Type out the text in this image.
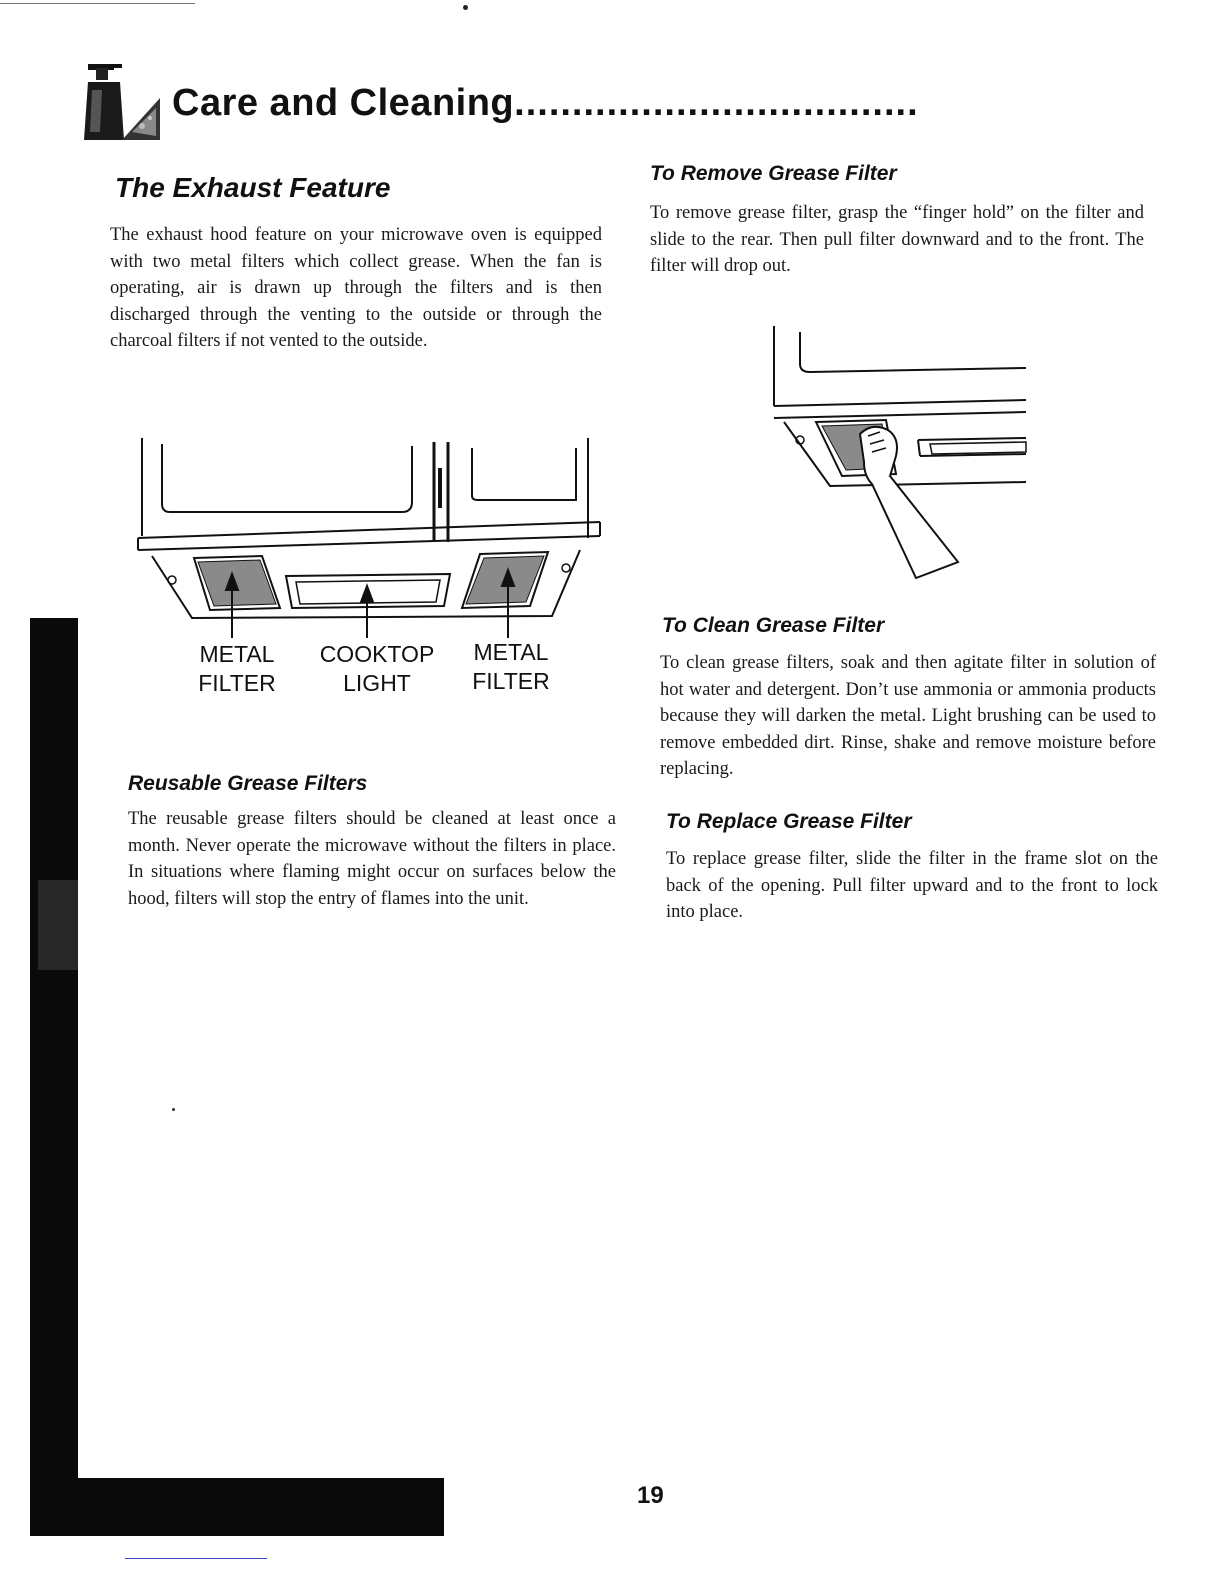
Care and Cleaning...................................
The Exhaust Feature

The exhaust hood feature on your microwave oven is equipped with two metal filters which collect grease. When the fan is operating, air is drawn up through the filters and is then discharged through the venting to the outside or through the charcoal filters if not vented to the outside.

METAL
FILTER
COOKTOP
LIGHT
METAL
FILTER
Reusable Grease Filters

The reusable grease filters should be cleaned at least once a month. Never operate the microwave without the filters in place. In situations where flaming might occur on surfaces below the hood, filters will stop the entry of flames into the unit.

To Remove Grease Filter

To remove grease filter, grasp the “finger hold” on the filter and slide to the rear. Then pull filter downward and to the front. The filter will drop out.

To Clean Grease Filter

To clean grease filters, soak and then agitate filter in solution of hot water and detergent. Don’t use ammonia or ammonia products because they will darken the metal. Light brushing can be used to remove embedded dirt. Rinse, shake and remove moisture before replacing.

To Replace Grease Filter

To replace grease filter, slide the filter in the frame slot on the back of the opening. Pull filter upward and to the front to lock into place.

19
